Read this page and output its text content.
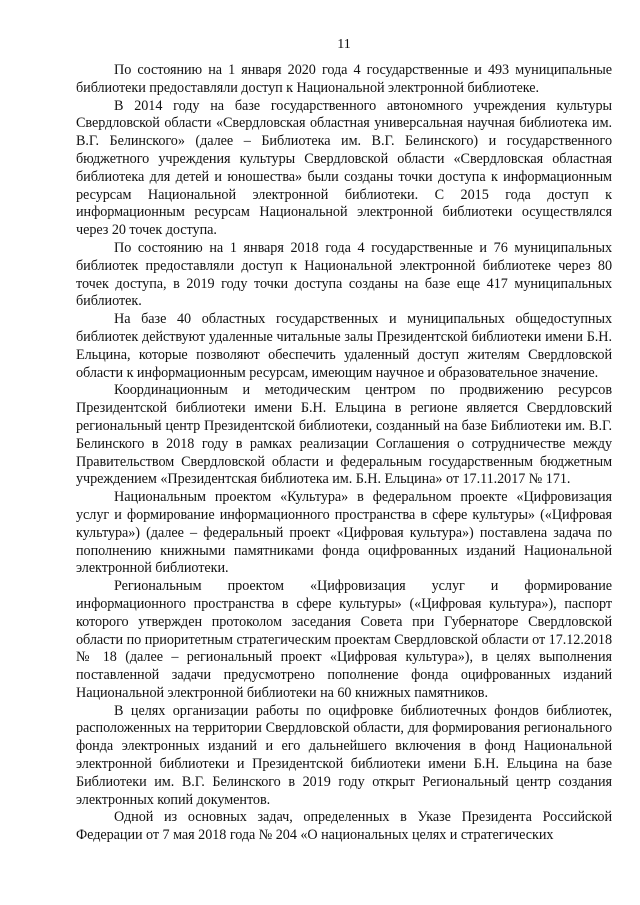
11

По состоянию на 1 января 2020 года 4 государственные и 493 муниципальные библиотеки предоставляли доступ к Национальной электронной библиотеке.

В 2014 году на базе государственного автономного учреждения культуры Свердловской области «Свердловская областная универсальная научная библиотека им. В.Г. Белинского» (далее – Библиотека им. В.Г. Белинского) и государственного бюджетного учреждения культуры Свердловской области «Свердловская областная библиотека для детей и юношества» были созданы точки доступа к информационным ресурсам Национальной электронной библиотеки. С 2015 года доступ к информационным ресурсам Национальной электронной библиотеки осуществлялся через 20 точек доступа.

По состоянию на 1 января 2018 года 4 государственные и 76 муниципальных библиотек предоставляли доступ к Национальной электронной библиотеке через 80 точек доступа, в 2019 году точки доступа созданы на базе еще 417 муниципальных библиотек.

На базе 40 областных государственных и муниципальных общедоступных библиотек действуют удаленные читальные залы Президентской библиотеки имени Б.Н. Ельцина, которые позволяют обеспечить удаленный доступ жителям Свердловской области к информационным ресурсам, имеющим научное и образовательное значение.

Координационным и методическим центром по продвижению ресурсов Президентской библиотеки имени Б.Н. Ельцина в регионе является Свердловский региональный центр Президентской библиотеки, созданный на базе Библиотеки им. В.Г. Белинского в 2018 году в рамках реализации Соглашения о сотрудничестве между Правительством Свердловской области и федеральным государственным бюджетным учреждением «Президентская библиотека им. Б.Н. Ельцина» от 17.11.2017 № 171.

Национальным проектом «Культура» в федеральном проекте «Цифровизация услуг и формирование информационного пространства в сфере культуры» («Цифровая культура») (далее – федеральный проект «Цифровая культура») поставлена задача по пополнению книжными памятниками фонда оцифрованных изданий Национальной электронной библиотеки.

Региональным проектом «Цифровизация услуг и формирование информационного пространства в сфере культуры» («Цифровая культура»), паспорт которого утвержден протоколом заседания Совета при Губернаторе Свердловской области по приоритетным стратегическим проектам Свердловской области от 17.12.2018 № 18 (далее – региональный проект «Цифровая культура»), в целях выполнения поставленной задачи предусмотрено пополнение фонда оцифрованных изданий Национальной электронной библиотеки на 60 книжных памятников.

В целях организации работы по оцифровке библиотечных фондов библиотек, расположенных на территории Свердловской области, для формирования регионального фонда электронных изданий и его дальнейшего включения в фонд Национальной электронной библиотеки и Президентской библиотеки имени Б.Н. Ельцина на базе Библиотеки им. В.Г. Белинского в 2019 году открыт Региональный центр создания электронных копий документов.

Одной из основных задач, определенных в Указе Президента Российской Федерации от 7 мая 2018 года № 204 «О национальных целях и стратегических
